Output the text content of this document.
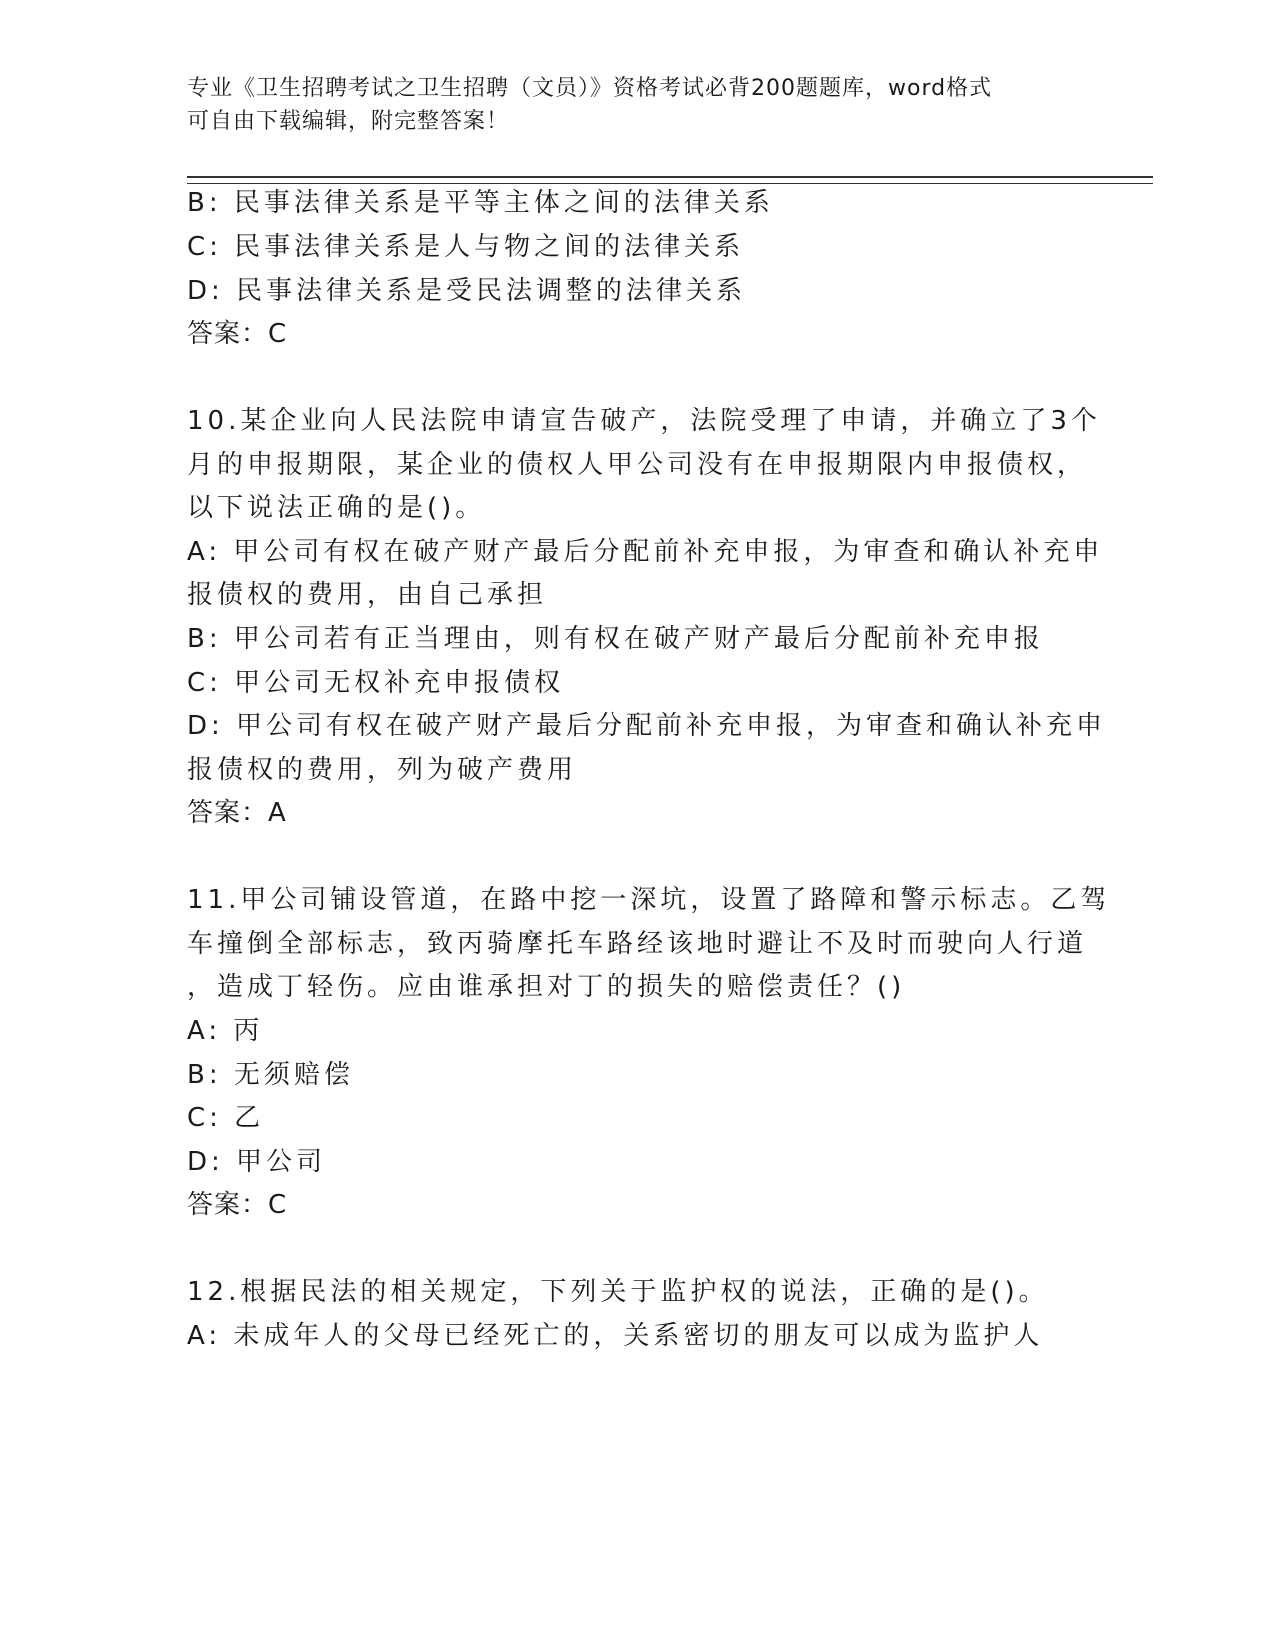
专业《卫生招聘考试之卫生招聘（文员）》资格考试必背200题题库，word格式 可自由下载编辑，附完整答案！
B: 民事法律关系是平等主体之间的法律关系
C: 民事法律关系是人与物之间的法律关系
D: 民事法律关系是受民法调整的法律关系
答案：C
10.某企业向人民法院申请宣告破产，法院受理了申请，并确立了3个
月的申报期限，某企业的债权人甲公司没有在申报期限内申报债权，
以下说法正确的是()。
A: 甲公司有权在破产财产最后分配前补充申报，为审查和确认补充申
报债权的费用，由自己承担
B: 甲公司若有正当理由，则有权在破产财产最后分配前补充申报
C: 甲公司无权补充申报债权
D: 甲公司有权在破产财产最后分配前补充申报，为审查和确认补充申
报债权的费用，列为破产费用
答案：A
11.甲公司铺设管道，在路中挖一深坑，设置了路障和警示标志。乙驾
车撞倒全部标志，致丙骑摩托车路经该地时避让不及时而驶向人行道
，造成丁轻伤。应由谁承担对丁的损失的赔偿责任？()
A: 丙
B: 无须赔偿
C: 乙
D: 甲公司
答案：C
12.根据民法的相关规定，下列关于监护权的说法，正确的是()。
A: 未成年人的父母已经死亡的，关系密切的朋友可以成为监护人
